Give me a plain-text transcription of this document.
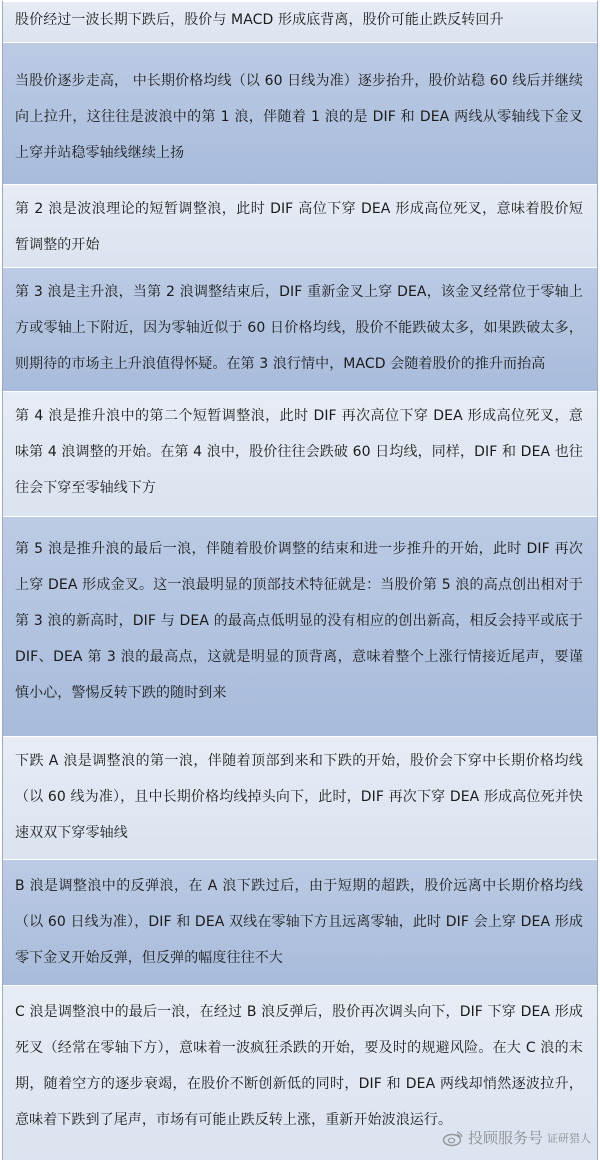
股价经过一波长期下跌后，股价与 MACD 形成底背离，股价可能止跌反转回升

当股价逐步走高， 中长期价格均线（以 60 日线为准）逐步抬升，股价站稳 60 线后并继续向上拉升，这往往是波浪中的第 1 浪，伴随着 1 浪的是 DIF 和 DEA 两线从零轴线下金叉上穿并站稳零轴线继续上扬

第 2 浪是波浪理论的短暂调整浪，此时 DIF 高位下穿 DEA 形成高位死叉，意味着股价短暂调整的开始

第 3 浪是主升浪，当第 2 浪调整结束后，DIF 重新金叉上穿 DEA，该金叉经常位于零轴上方或零轴上下附近，因为零轴近似于 60 日价格均线，股价不能跌破太多，如果跌破太多，则期待的市场主上升浪值得怀疑。在第 3 浪行情中，MACD 会随着股价的推升而抬高

第 4 浪是推升浪中的第二个短暂调整浪，此时 DIF 再次高位下穿 DEA 形成高位死叉，意味第 4 浪调整的开始。在第 4 浪中，股价往往会跌破 60 日均线，同样，DIF 和 DEA 也往往会下穿至零轴线下方

第 5 浪是推升浪的最后一浪，伴随着股价调整的结束和进一步推升的开始，此时 DIF 再次上穿 DEA 形成金叉。这一浪最明显的顶部技术特征就是：当股价第 5 浪的高点创出相对于第 3 浪的新高时，DIF 与 DEA 的最高点低明显的没有相应的创出新高，相反会持平或底于 DIF、DEA 第 3 浪的最高点，这就是明显的顶背离，意味着整个上涨行情接近尾声，要谨慎小心，警惕反转下跌的随时到来

下跌 A 浪是调整浪的第一浪，伴随着顶部到来和下跌的开始，股价会下穿中长期价格均线（以 60 线为准），且中长期价格均线掉头向下，此时，DIF 再次下穿 DEA 形成高位死并快速双双下穿零轴线

B 浪是调整浪中的反弹浪，在 A 浪下跌过后，由于短期的超跌，股价远离中长期价格均线（以 60 日线为准），DIF 和 DEA 双线在零轴下方且远离零轴，此时 DIF 会上穿 DEA 形成零下金叉开始反弹，但反弹的幅度往往不大

C 浪是调整浪中的最后一浪，在经过 B 浪反弹后，股价再次调头向下，DIF 下穿 DEA 形成死叉（经常在零轴下方），意味着一波疯狂杀跌的开始，要及时的规避风险。在大 C 浪的末期，随着空方的逐步衰竭，在股价不断创新低的同时，DIF 和 DEA 两线却悄然逐波拉升，意味着下跌到了尾声，市场有可能止跌反转上涨，重新开始波浪运行。

投顾服务号 证研猎人
